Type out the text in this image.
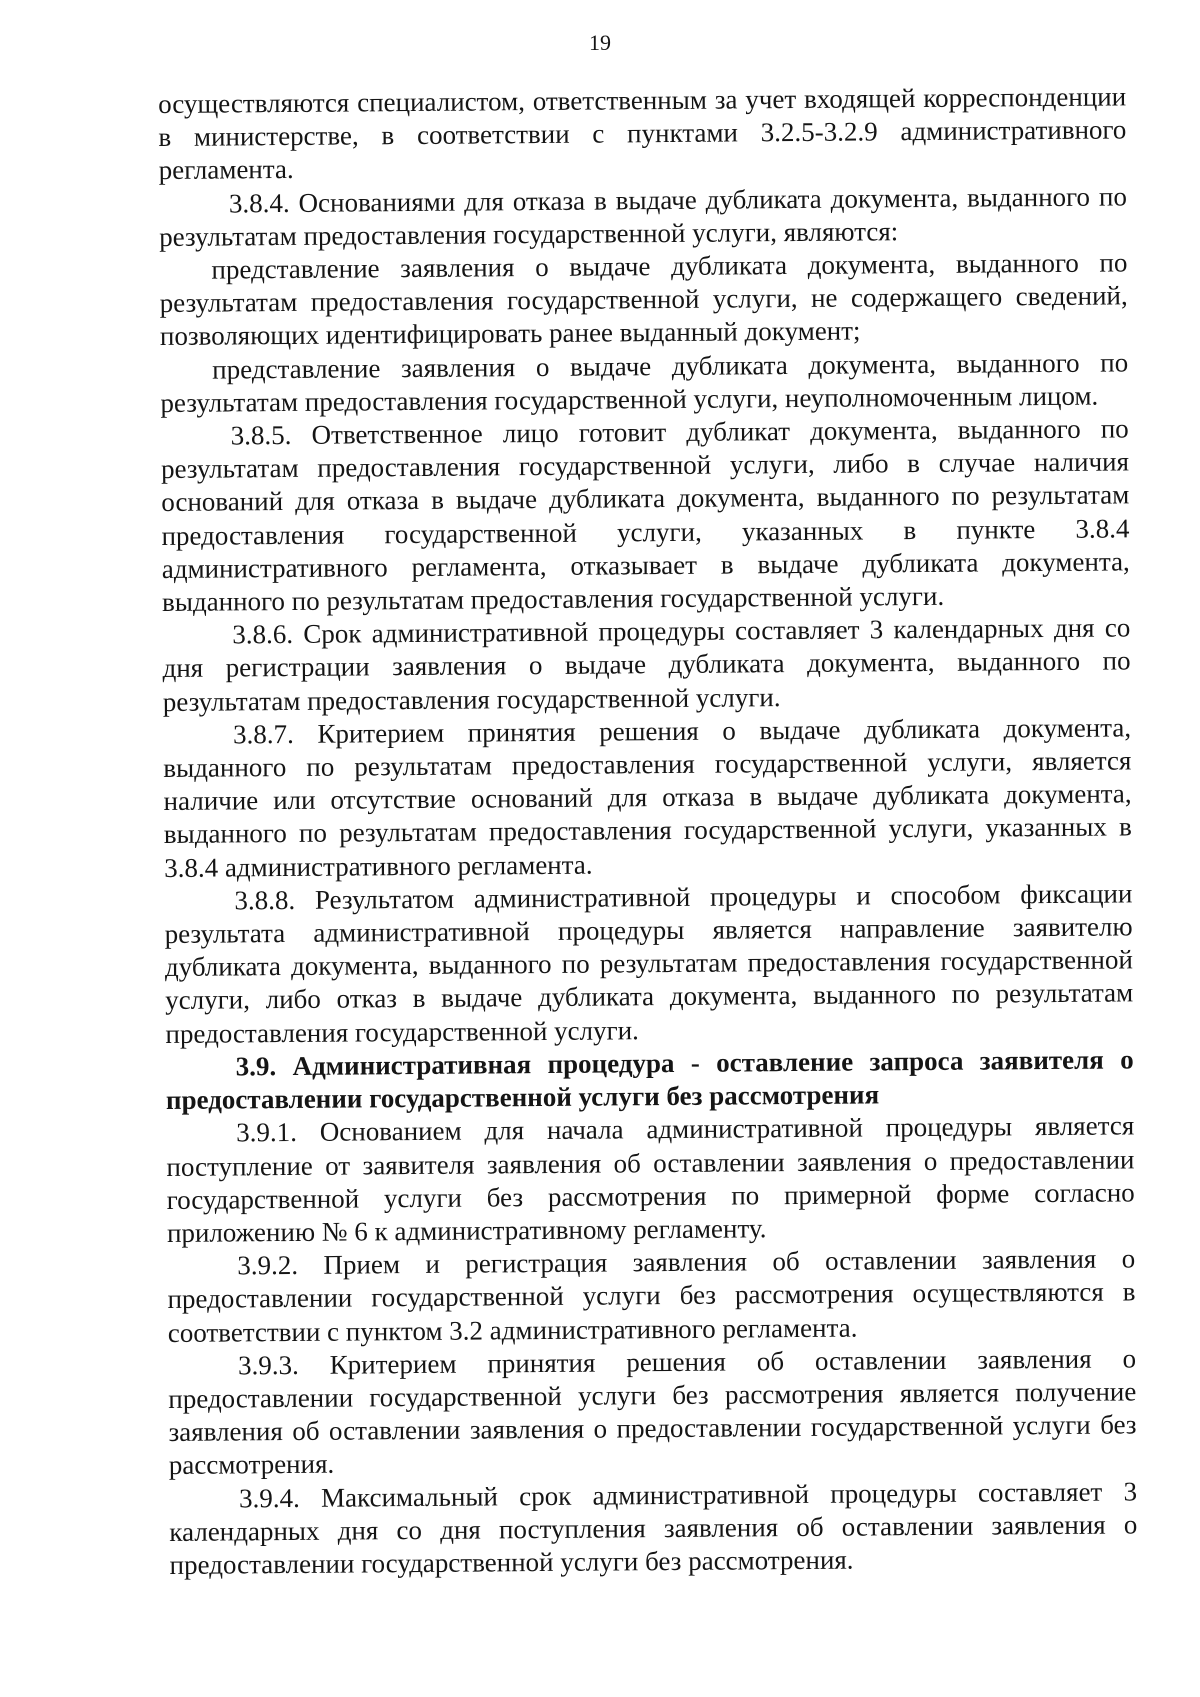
19

осуществляются специалистом, ответственным за учет входящей корреспонденции в министерстве, в соответствии с пунктами 3.2.5-3.2.9 административного регламента.

3.8.4. Основаниями для отказа в выдаче дубликата документа, выданного по результатам предоставления государственной услуги, являются:

представление заявления о выдаче дубликата документа, выданного по результатам предоставления государственной услуги, не содержащего сведений, позволяющих идентифицировать ранее выданный документ;

представление заявления о выдаче дубликата документа, выданного по результатам предоставления государственной услуги, неуполномоченным лицом.

3.8.5. Ответственное лицо готовит дубликат документа, выданного по результатам предоставления государственной услуги, либо в случае наличия оснований для отказа в выдаче дубликата документа, выданного по результатам предоставления государственной услуги, указанных в пункте 3.8.4 административного регламента, отказывает в выдаче дубликата документа, выданного по результатам предоставления государственной услуги.

3.8.6. Срок административной процедуры составляет 3 календарных дня со дня регистрации заявления о выдаче дубликата документа, выданного по результатам предоставления государственной услуги.

3.8.7. Критерием принятия решения о выдаче дубликата документа, выданного по результатам предоставления государственной услуги, является наличие или отсутствие оснований для отказа в выдаче дубликата документа, выданного по результатам предоставления государственной услуги, указанных в 3.8.4 административного регламента.

3.8.8. Результатом административной процедуры и способом фиксации результата административной процедуры является направление заявителю дубликата документа, выданного по результатам предоставления государственной услуги, либо отказ в выдаче дубликата документа, выданного по результатам предоставления государственной услуги.

3.9. Административная процедура - оставление запроса заявителя о предоставлении государственной услуги без рассмотрения

3.9.1. Основанием для начала административной процедуры является поступление от заявителя заявления об оставлении заявления о предоставлении государственной услуги без рассмотрения по примерной форме согласно приложению № 6 к административному регламенту.

3.9.2. Прием и регистрация заявления об оставлении заявления о предоставлении государственной услуги без рассмотрения осуществляются в соответствии с пунктом 3.2 административного регламента.

3.9.3. Критерием принятия решения об оставлении заявления о предоставлении государственной услуги без рассмотрения является получение заявления об оставлении заявления о предоставлении государственной услуги без рассмотрения.

3.9.4. Максимальный срок административной процедуры составляет 3 календарных дня со дня поступления заявления об оставлении заявления о предоставлении государственной услуги без рассмотрения.
